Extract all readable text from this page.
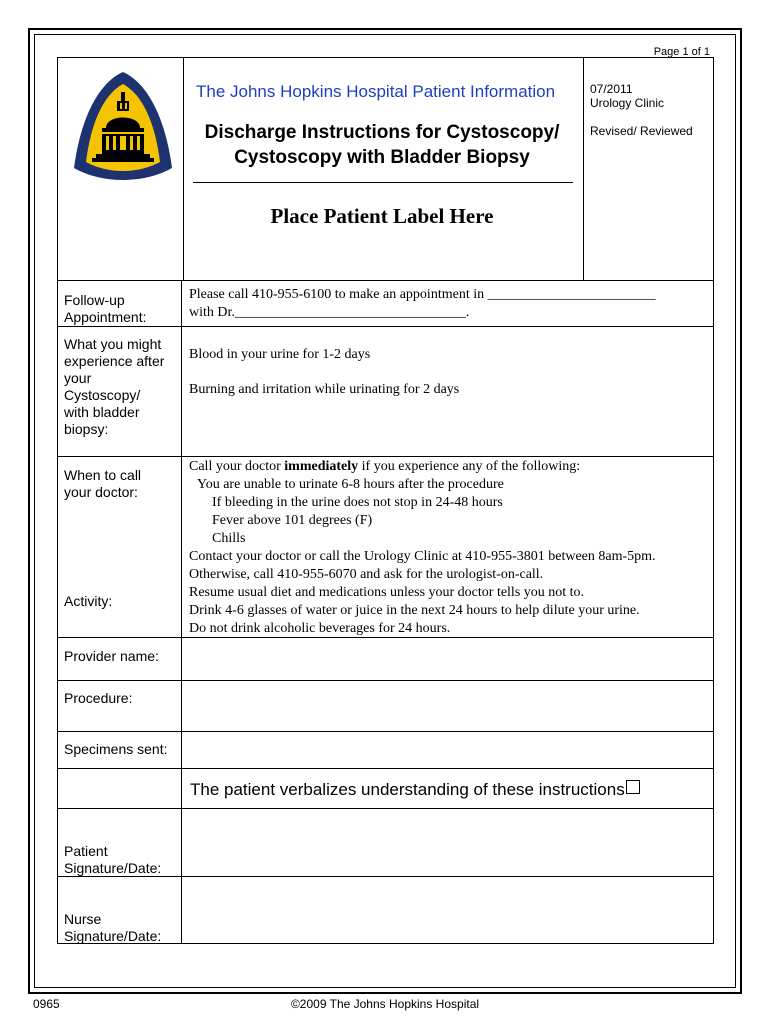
Page 1 of 1
The Johns Hopkins Hospital Patient Information
Discharge Instructions for Cystoscopy/
Cystoscopy with Bladder Biopsy
Place Patient Label Here
07/2011
Urology Clinic
Revised/ Reviewed
Follow-up
Appointment:
Please call 410-955-6100 to make an appointment in ________________________
with Dr._________________________________.
What you might
experience after
your
Cystoscopy/
with bladder
biopsy:
Blood in your urine for 1-2 days
Burning and irritation while urinating for 2 days
When to call
your doctor:
Call your doctor immediately if you experience any of the following:
You are unable to urinate 6-8 hours after the procedure
If bleeding in the urine does not stop in 24-48 hours
Fever above 101 degrees (F)
Chills
Contact your doctor or call the Urology Clinic at 410-955-3801 between 8am-5pm.
Otherwise, call 410-955-6070 and ask for the urologist-on-call.
Activity:
Resume usual diet and medications unless your doctor tells you not to.
Drink 4-6 glasses of water or juice in the next 24 hours to help dilute your urine.
Do not drink alcoholic beverages for 24 hours.
Provider name:
Procedure:
Specimens sent:
The patient verbalizes understanding of these instructions
Patient
Signature/Date:
Nurse
Signature/Date:
0965	©2009 The Johns Hopkins Hospital
